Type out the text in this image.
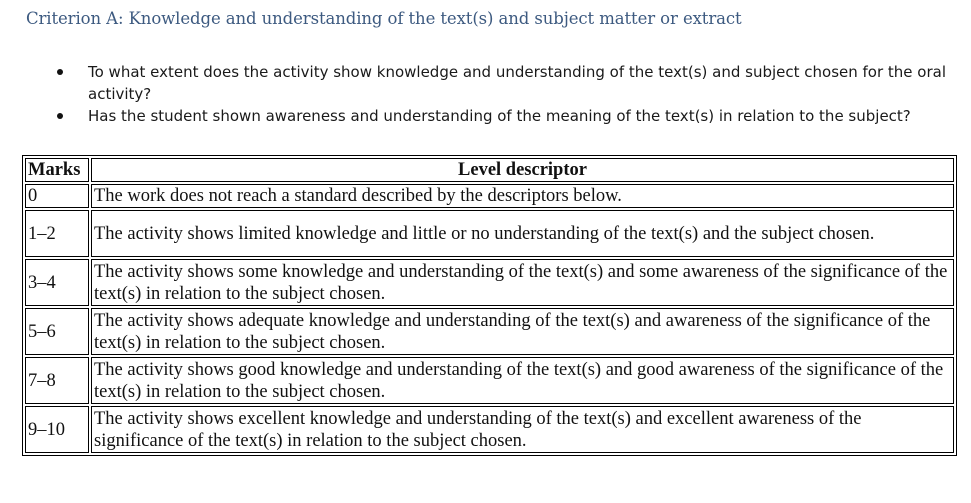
Criterion A: Knowledge and understanding of the text(s) and subject matter or extract
To what extent does the activity show knowledge and understanding of the text(s) and subject chosen for the oral activity?
Has the student shown awareness and understanding of the meaning of the text(s) in relation to the subject?
Marks	Level descriptor
0	The work does not reach a standard described by the descriptors below.
1–2	The activity shows limited knowledge and little or no understanding of the text(s) and the subject chosen.
3–4	The activity shows some knowledge and understanding of the text(s) and some awareness of the significance of the text(s) in relation to the subject chosen.
5–6	The activity shows adequate knowledge and understanding of the text(s) and awareness of the significance of the text(s) in relation to the subject chosen.
7–8	The activity shows good knowledge and understanding of the text(s) and good awareness of the significance of the text(s) in relation to the subject chosen.
9–10	The activity shows excellent knowledge and understanding of the text(s) and excellent awareness of the significance of the text(s) in relation to the subject chosen.
